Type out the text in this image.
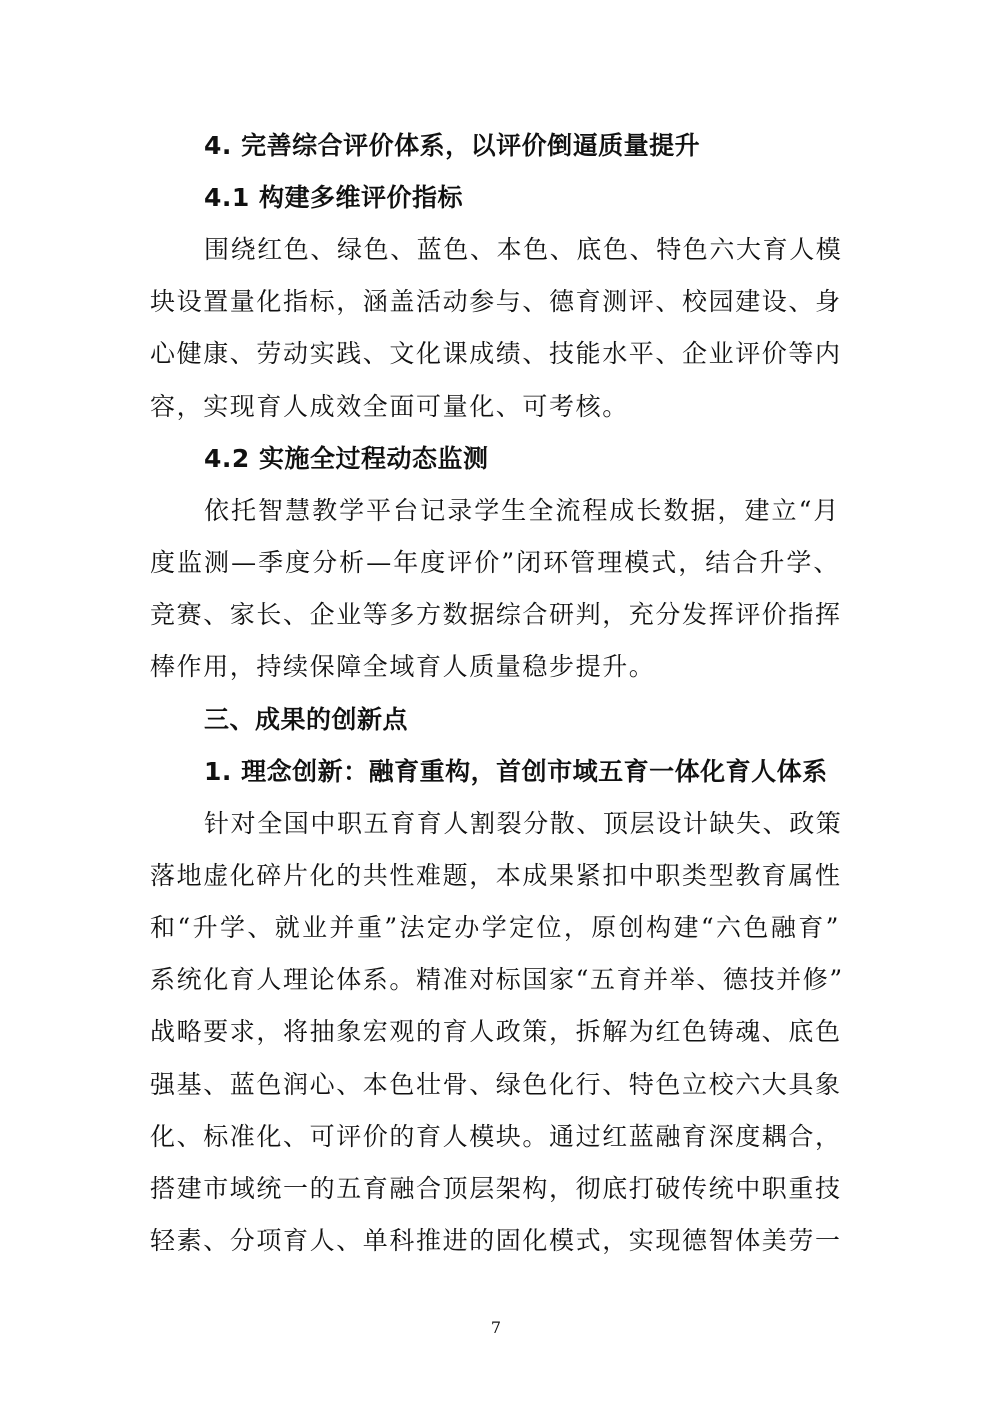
4. 完善综合评价体系，以评价倒逼质量提升
4.1 构建多维评价指标
围绕红色、绿色、蓝色、本色、底色、特色六大育人模
块设置量化指标，涵盖活动参与、德育测评、校园建设、身
心健康、劳动实践、文化课成绩、技能水平、企业评价等内
容，实现育人成效全面可量化、可考核。
4.2 实施全过程动态监测
依托智慧教学平台记录学生全流程成长数据，建立“月
度监测—季度分析—年度评价”闭环管理模式，结合升学、
竞赛、家长、企业等多方数据综合研判，充分发挥评价指挥
棒作用，持续保障全域育人质量稳步提升。
三、成果的创新点
1. 理念创新：融育重构，首创市域五育一体化育人体系
针对全国中职五育育人割裂分散、顶层设计缺失、政策
落地虚化碎片化的共性难题，本成果紧扣中职类型教育属性
和“升学、就业并重”法定办学定位，原创构建“六色融育”
系统化育人理论体系。精准对标国家“五育并举、德技并修”
战略要求，将抽象宏观的育人政策，拆解为红色铸魂、底色
强基、蓝色润心、本色壮骨、绿色化行、特色立校六大具象
化、标准化、可评价的育人模块。通过红蓝融育深度耦合，
搭建市域统一的五育融合顶层架构，彻底打破传统中职重技
轻素、分项育人、单科推进的固化模式，实现德智体美劳一
7
